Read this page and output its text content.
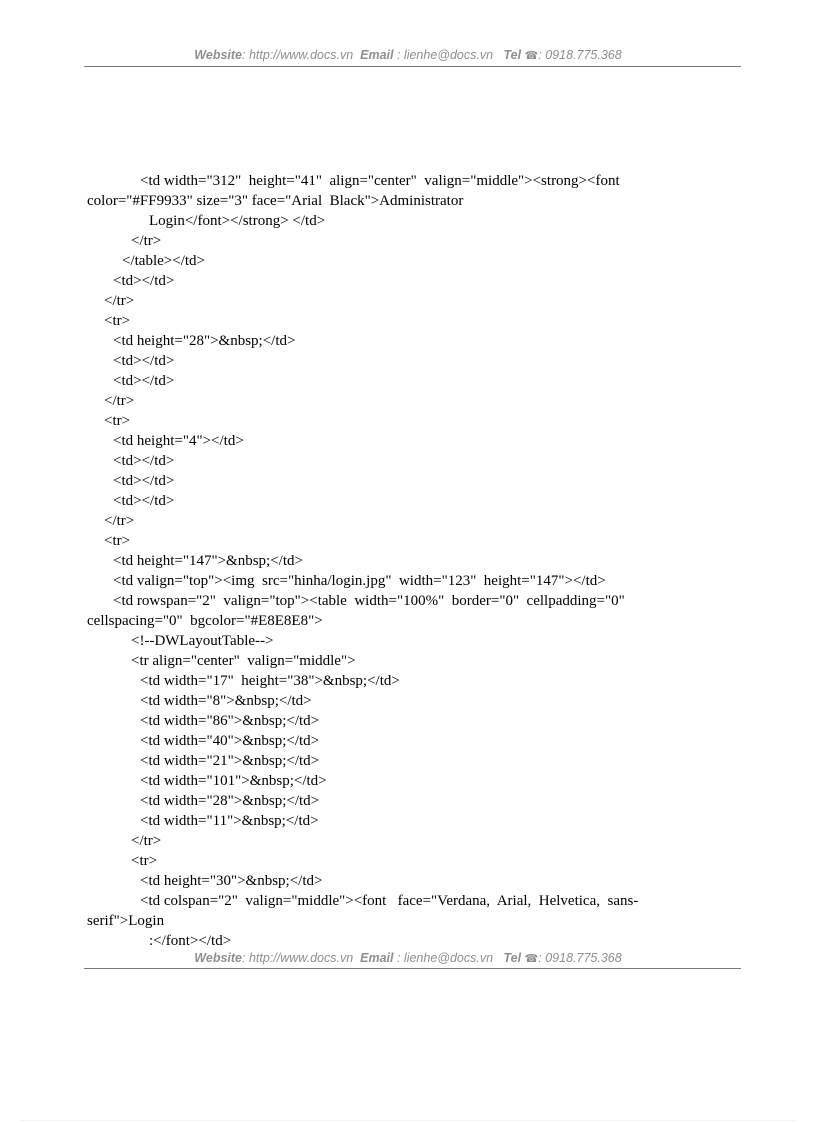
Website: http://www.docs.vn Email : lienhe@docs.vn Tel ☎: 0918.775.368
<td width="312"  height="41"  align="center"  valign="middle"><strong><font
color="#FF9933" size="3" face="Arial  Black">Administrator
Login</font></strong> </td>
</tr>
</table></td>
<td></td>
</tr>
<tr>
<td height="28">&nbsp;</td>
<td></td>
<td></td>
</tr>
<tr>
<td height="4"></td>
<td></td>
<td></td>
<td></td>
</tr>
<tr>
<td height="147">&nbsp;</td>
<td valign="top"><img  src="hinha/login.jpg"  width="123"  height="147"></td>
<td rowspan="2"  valign="top"><table  width="100%"  border="0"  cellpadding="0"
cellspacing="0"  bgcolor="#E8E8E8">
<!--DWLayoutTable-->
<tr align="center"  valign="middle">
<td width="17"  height="38">&nbsp;</td>
<td width="8">&nbsp;</td>
<td width="86">&nbsp;</td>
<td width="40">&nbsp;</td>
<td width="21">&nbsp;</td>
<td width="101">&nbsp;</td>
<td width="28">&nbsp;</td>
<td width="11">&nbsp;</td>
</tr>
<tr>
<td height="30">&nbsp;</td>
<td colspan="2"  valign="middle"><font   face="Verdana,  Arial,  Helvetica,  sans-
serif">Login
:</font></td>
Website: http://www.docs.vn Email : lienhe@docs.vn Tel ☎: 0918.775.368
